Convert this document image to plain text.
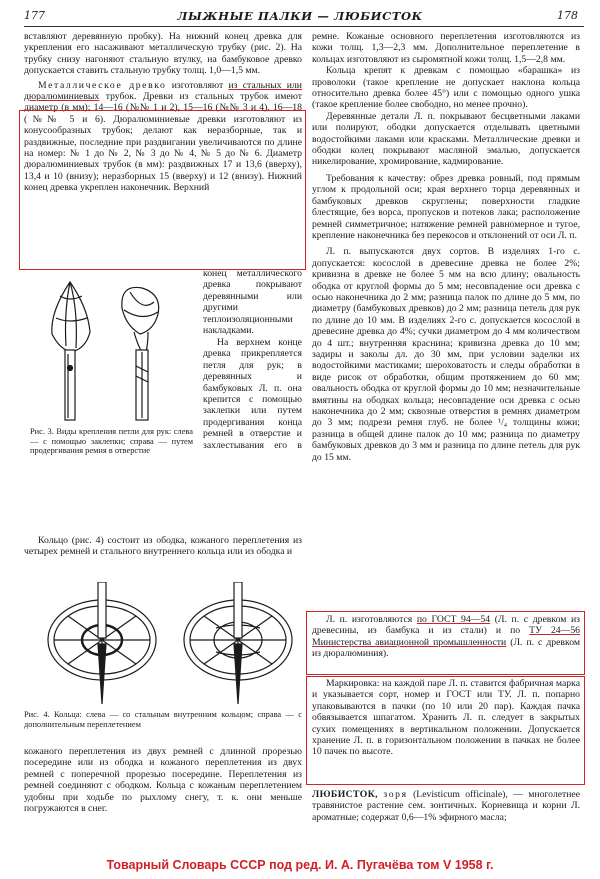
177	ЛЫЖНЫЕ ПАЛКИ — ЛЮБИСТОК	178

вставляют деревянную пробку). На нижний конец древка для укрепления его насаживают металлическую трубку (рис. 2). На трубку снизу нагоняют стальную втулку, на бамбуковое древко допускается ставить стальную трубку толщ. 1,0—1,5 мм.

Металлическое древко изготовляют из стальных или дюралюминиевых трубок. Древки из стальных трубок имеют диаметр (в мм): 14—16 (№№ 1 и 2), 15—16 (№№ 3 и 4), 16—18 (№№ 5 и 6). Дюралюминиевые древки изготовляют из конусообразных трубок; делают как неразборные, так и раздвижные, последние при раздвигании увеличиваются по длине на номер: № 1 до № 2, № 3 до № 4, № 5 до № 6. Диаметр дюралюминиевых трубок (в мм): раздвижных 17 и 13,6 (вверху), 13,4 и 10 (внизу); неразборных 15 (вверху) и 12 (внизу). Нижний конец древка укреплен наконечник. Верхний

Рис. 3. Виды крепления петли для рук: слева — с помощью заклепки; справа — путем продергивания ремня в отверстие

конец металлического древка покрывают деревянными или другими теплоизоляционными накладками.

На верхнем конце древка прикрепляется петля для рук; в деревянных и бамбуковых Л. п. она крепится с помощью заклепки или путем продергивания конца ремней в отверстие и захлестывания его в

Кольцо (рис. 4) состоит из ободка, кожаного переплетения из четырех ремней и стального внутреннего кольца или из ободка и

Рис. 4. Кольца: слева — со стальным внутренним кольцом; справа — с дополнительным переплетением

кожаного переплетения из двух ремней с длинной прорезью посередине или из ободка и кожаного переплетения из двух ремней с поперечной прорезью посередине. Переплетения из ремней соединяют с ободком. Кольца с кожаным переплетением удобны при ходьбе по рыхлому снегу, т. к. они меньше погружаются в снег.

ремне. Кожаные основного переплетения изготовляются из кожи толщ. 1,3—2,3 мм. Дополнительное переплетение в кольцах изготовляют из сыромятной кожи толщ. 1,5—2,8 мм.

Кольца крепят к древкам с помощью «барашка» из проволоки (такое крепление не допускает наклона кольца относительно древка более 45°) или с помощью одного ушка (такое крепление более свободно, но менее прочно).

Деревянные детали Л. п. покрывают бесцветными лаками или полируют, ободки допускается отделывать цветными водостойкими лаками или красками. Металлические древки и ободки колец покрывают масляной эмалью, допускается никелирование, хромирование, кадмирование.

Требования к качеству: обрез древка ровный, под прямым углом к продольной оси; края верхнего торца деревянных и бамбуковых древков скруглены; поверхности гладкие блестящие, без ворса, пропусков и потеков лака; расположение ремней симметричное; натяжение ремней равномерное и тугое, крепление наконечника без перекосов и отклонений от оси Л. п.

Л. п. выпускаются двух сортов. В изделиях 1-го с. допускается: косослой в древесине древка не более 2%; кривизна в древке не более 5 мм на всю длину; овальность ободка от круглой формы до 5 мм; несовпадение оси древка с осью наконечника до 2 мм; разница палок по длине до 5 мм, по диаметру (бамбуковых древков) до 2 мм; разница петель для рук по длине до 10 мм. В изделиях 2-го с. допускается косослой в древесине древка до 4%; сучки диаметром до 4 мм количеством до 4 шт.; внутренняя краснина; кривизна древка до 10 мм; задиры и заколы дл. до 30 мм, при условии заделки их водостойкими мастиками; шероховатость и следы обработки в виде рисок от обработки, общим протяжением до 60 мм; овальность ободка от круглой формы до 10 мм; незначительные вмятины на ободках кольца; несовпадение оси древка с осью наконечника до 2 мм; сквозные отверстия в ремнях диаметром до 3 мм; подрези ремня глуб. не более ¹/₄ толщины кожи; разница в общей длине палок до 10 мм; разница по диаметру бамбуковых древков до 3 мм и разница по длине петель для рук до 15 мм.

Л. п. изготовляются по ГОСТ 94—54 (Л. п. с древком из древесины, из бамбука и из стали) и по ТУ 24—56 Министерства авиационной промышленности (Л. п. с древком из дюралюминия).

Маркировка: на каждой паре Л. п. ставится фабричная марка и указывается сорт, номер и ГОСТ или ТУ. Л. п. попарно упаковываются в пачки (по 10 или 20 пар). Каждая пачка обвязывается шпагатом. Хранить Л. п. следует в закрытых сухих помещениях в вертикальном положении. Допускается хранение Л. п. в горизонтальном положении в пачках не более 10 пачек по высоте.

ЛЮБИСТОК, зоря (Levisticum officinale), — многолетнее травянистое растение сем. зонтичных. Корневища и корни Л. ароматные; содержат 0,6—1% эфирного масла;

Товарный Словарь СССР под ред. И. А. Пугачёва том V 1958 г.
